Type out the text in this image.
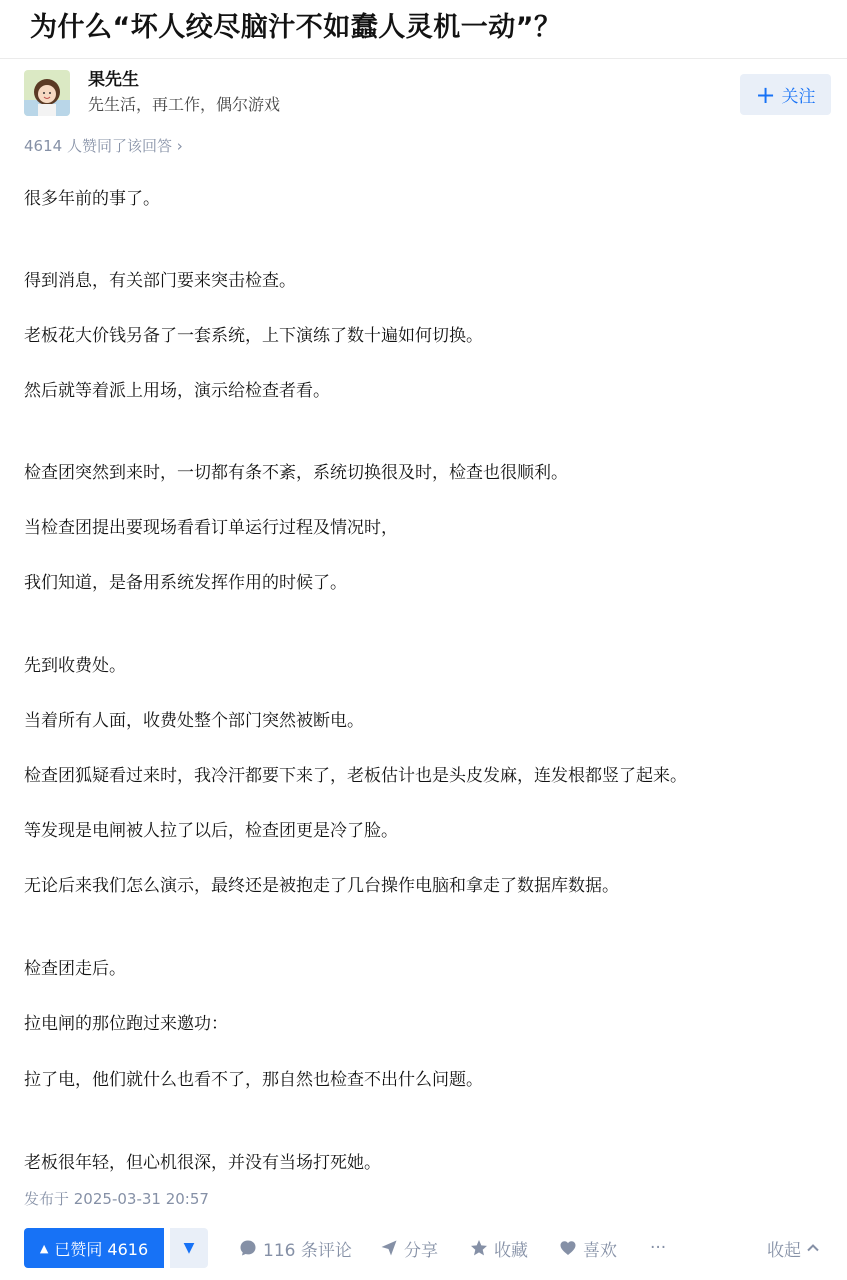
为什么“坏人绞尽脑汁不如蠢人灵机一动”？
果先生
先生活，再工作，偶尔游戏	+ 关注
4614 人赞同了该回答 ›
很多年前的事了。
得到消息，有关部门要来突击检查。
老板花大价钱另备了一套系统，上下演练了数十遍如何切换。
然后就等着派上用场，演示给检查者看。
检查团突然到来时，一切都有条不紊，系统切换很及时，检查也很顺利。
当检查团提出要现场看看订单运行过程及情况时，
我们知道，是备用系统发挥作用的时候了。
先到收费处。
当着所有人面，收费处整个部门突然被断电。
检查团狐疑看过来时，我冷汗都要下来了，老板估计也是头皮发麻，连发根都竖了起来。
等发现是电闸被人拉了以后，检查团更是冷了脸。
无论后来我们怎么演示，最终还是被抱走了几台操作电脑和拿走了数据库数据。
检查团走后。
拉电闸的那位跑过来邀功：
拉了电，他们就什么也看不了，那自然也检查不出什么问题。
老板很年轻，但心机很深，并没有当场打死她。
发布于 2025-03-31 20:57
▲ 已赞同 4616	▼	116 条评论	分享	收藏	喜欢 ···	收起
